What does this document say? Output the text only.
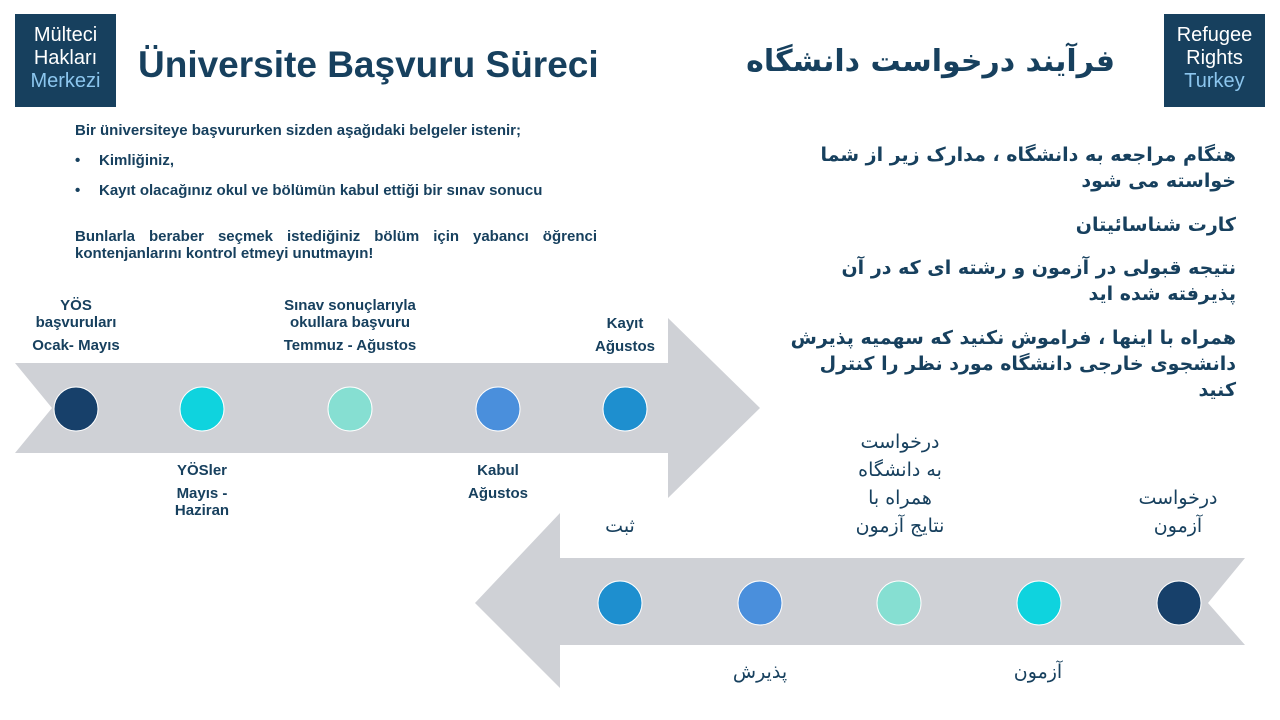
Mülteci
Hakları
Merkezi
Refugee
Rights
Turkey
Üniversite Başvuru Süreci	فرآیند درخواست دانشگاه
Bir üniversiteye başvururken sizden aşağıdaki belgeler istenir;
• Kimliğiniz,
• Kayıt olacağınız okul ve bölümün kabul ettiği bir sınav sonucu
Bunlarla beraber seçmek istediğiniz bölüm için yabancı öğrenci kontenjanlarını kontrol etmeyi unutmayın!
هنگام مراجعه به دانشگاه ، مدارک زیر از شما خواسته می شود
کارت شناسائیتان
نتیجه قبولی در آزمون و رشته ای که در آن پذیرفته شده اید
همراه با اینها ، فراموش نکنید که سهمیه پذیرش دانشجوی خارجی دانشگاه مورد نظر را کنترل کنید
YÖS
başvuruları
Ocak- Mayıs
Sınav sonuçlarıyla
okullara başvuru
Temmuz - Ağustos
Kayıt
Ağustos
YÖSler
Mayıs -
Haziran
Kabul
Ağustos
ثبت
درخواست
به دانشگاه
همراه با
نتایج آزمون
درخواست
آزمون
پذیرش	آزمون
